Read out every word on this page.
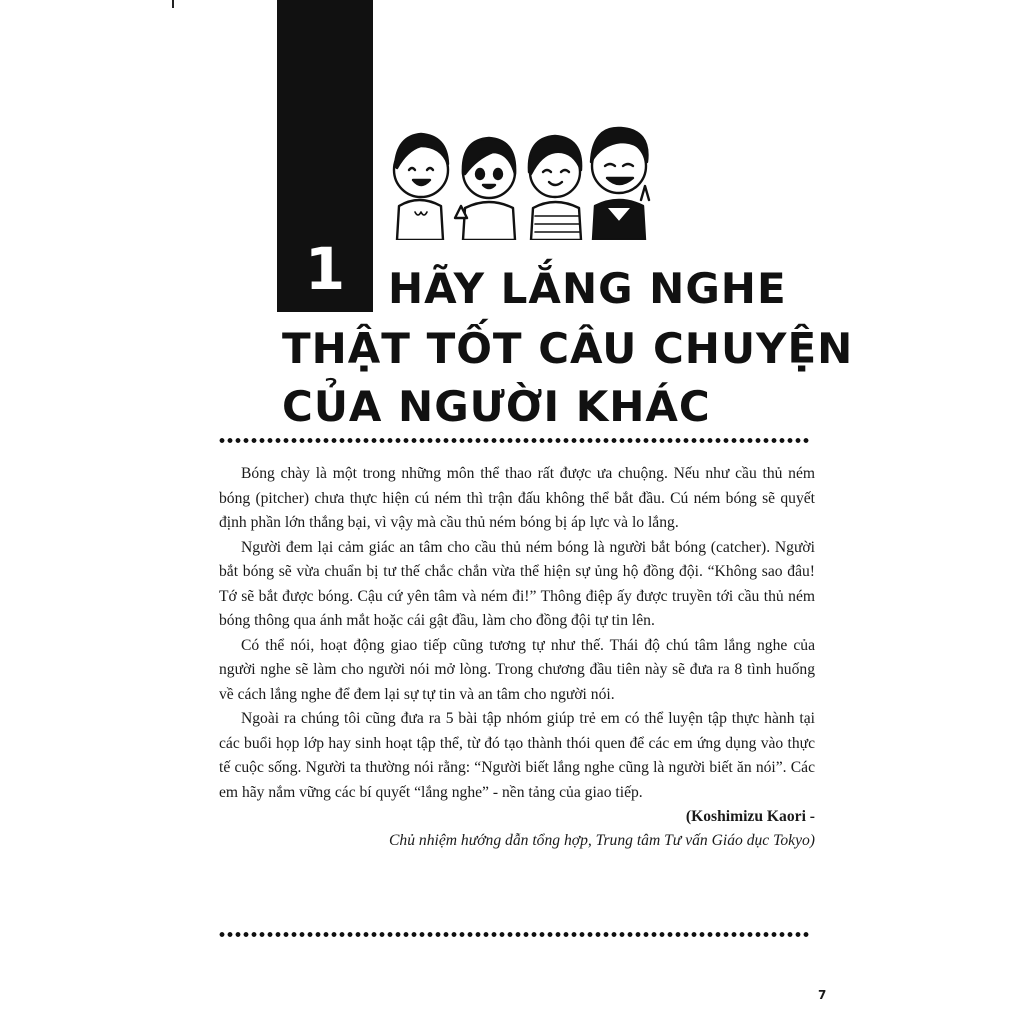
1	HÃY LẮNG NGHE
THẬT TỐT CÂU CHUYỆN
CỦA NGƯỜI KHÁC

Bóng chày là một trong những môn thể thao rất được ưa chuộng. Nếu như cầu thủ ném bóng (pitcher) chưa thực hiện cú ném thì trận đấu không thể bắt đầu. Cú ném bóng sẽ quyết định phần lớn thắng bại, vì vậy mà cầu thủ ném bóng bị áp lực và lo lắng.

Người đem lại cảm giác an tâm cho cầu thủ ném bóng là người bắt bóng (catcher). Người bắt bóng sẽ vừa chuẩn bị tư thế chắc chắn vừa thể hiện sự ủng hộ đồng đội. “Không sao đâu! Tớ sẽ bắt được bóng. Cậu cứ yên tâm và ném đi!” Thông điệp ấy được truyền tới cầu thủ ném bóng thông qua ánh mắt hoặc cái gật đầu, làm cho đồng đội tự tin lên.

Có thể nói, hoạt động giao tiếp cũng tương tự như thế. Thái độ chú tâm lắng nghe của người nghe sẽ làm cho người nói mở lòng. Trong chương đầu tiên này sẽ đưa ra 8 tình huống về cách lắng nghe để đem lại sự tự tin và an tâm cho người nói.

Ngoài ra chúng tôi cũng đưa ra 5 bài tập nhóm giúp trẻ em có thể luyện tập thực hành tại các buổi họp lớp hay sinh hoạt tập thể, từ đó tạo thành thói quen để các em ứng dụng vào thực tế cuộc sống. Người ta thường nói rằng: “Người biết lắng nghe cũng là người biết ăn nói”. Các em hãy nắm vững các bí quyết “lắng nghe” - nền tảng của giao tiếp.

(Koshimizu Kaori -
Chủ nhiệm hướng dẫn tổng hợp, Trung tâm Tư vấn Giáo dục Tokyo)
7
